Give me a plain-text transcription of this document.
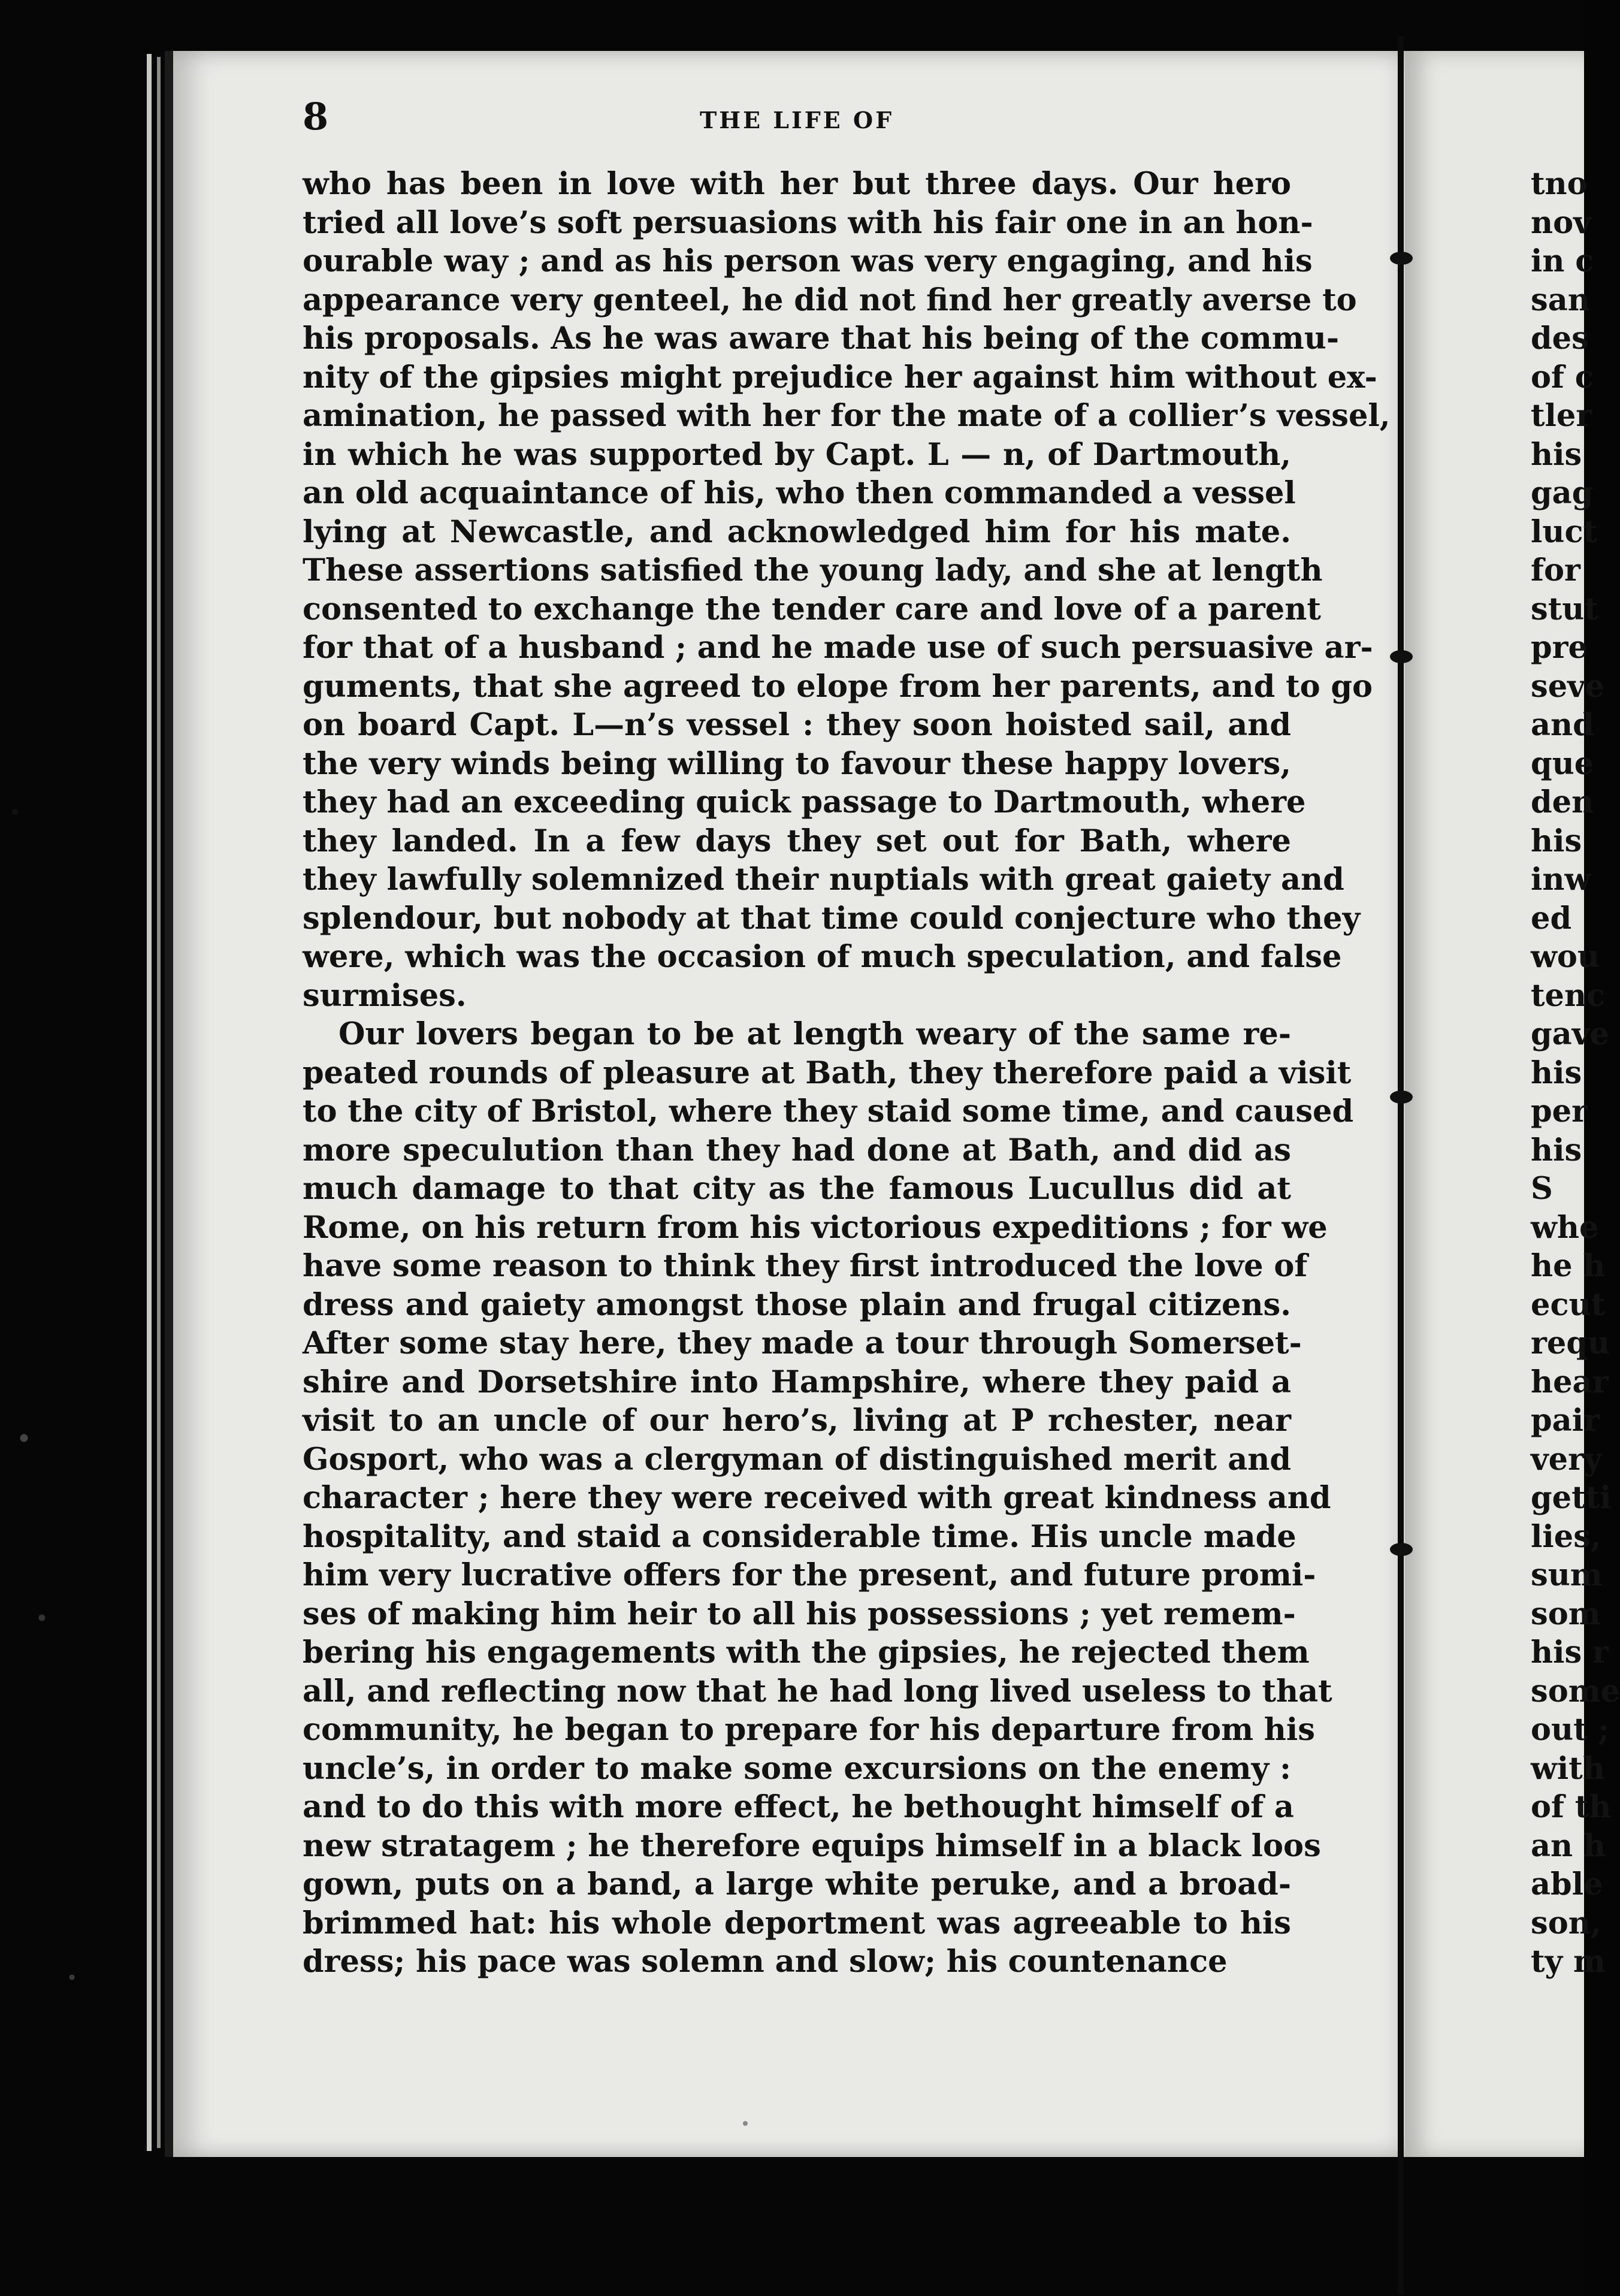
8	THE LIFE OF
who has been in love with her but three days. Our hero
tried all love’s soft persuasions with his fair one in an hon-
ourable way ; and as his person was very engaging, and his
appearance very genteel, he did not find her greatly averse to
his proposals. As he was aware that his being of the commu-
nity of the gipsies might prejudice her against him without ex-
amination, he passed with her for the mate of a collier’s vessel,
in which he was supported by Capt. L — n, of Dartmouth,
an old acquaintance of his, who then commanded a vessel
lying at Newcastle, and acknowledged him for his mate.
These assertions satisfied the young lady, and she at length
consented to exchange the tender care and love of a parent
for that of a husband ; and he made use of such persuasive ar-
guments, that she agreed to elope from her parents, and to go
on board Capt. L—n’s vessel : they soon hoisted sail, and
the very winds being willing to favour these happy lovers,
they had an exceeding quick passage to Dartmouth, where
they landed. In a few days they set out for Bath, where
they lawfully solemnized their nuptials with great gaiety and
splendour, but nobody at that time could conjecture who they
were, which was the occasion of much speculation, and false
surmises.
Our lovers began to be at length weary of the same re-
peated rounds of pleasure at Bath, they therefore paid a visit
to the city of Bristol, where they staid some time, and caused
more speculution than they had done at Bath, and did as
much damage to that city as the famous Lucullus did at
Rome, on his return from his victorious expeditions ; for we
have some reason to think they first introduced the love of
dress and gaiety amongst those plain and frugal citizens.
After some stay here, they made a tour through Somerset-
shire and Dorsetshire into Hampshire, where they paid a
visit to an uncle of our hero’s, living at P rchester, near
Gosport, who was a clergyman of distinguished merit and
character ; here they were received with great kindness and
hospitality, and staid a considerable time. His uncle made
him very lucrative offers for the present, and future promi-
ses of making him heir to all his possessions ; yet remem-
bering his engagements with the gipsies, he rejected them
all, and reflecting now that he had long lived useless to that
community, he began to prepare for his departure from his
uncle’s, in order to make some excursions on the enemy :
and to do this with more effect, he bethought himself of a
new stratagem ; he therefore equips himself in a black loos
gown, puts on a band, a large white peruke, and a broad-
brimmed hat: his whole deportment was agreeable to his
dress; his pace was solemn and slow; his countenance
tno
nov
in c
san
des
of c
tler
his
gag
luct
for
stut
pre
seve
and
que
den
his
inw
ed
wou
tenc
gave
his
per
his
S
whe
he h
ecut
requ
hear
pair
very
getti
lies,
sum
som
his r
some
out ;
with
of th
an h
able
son,
ty m
